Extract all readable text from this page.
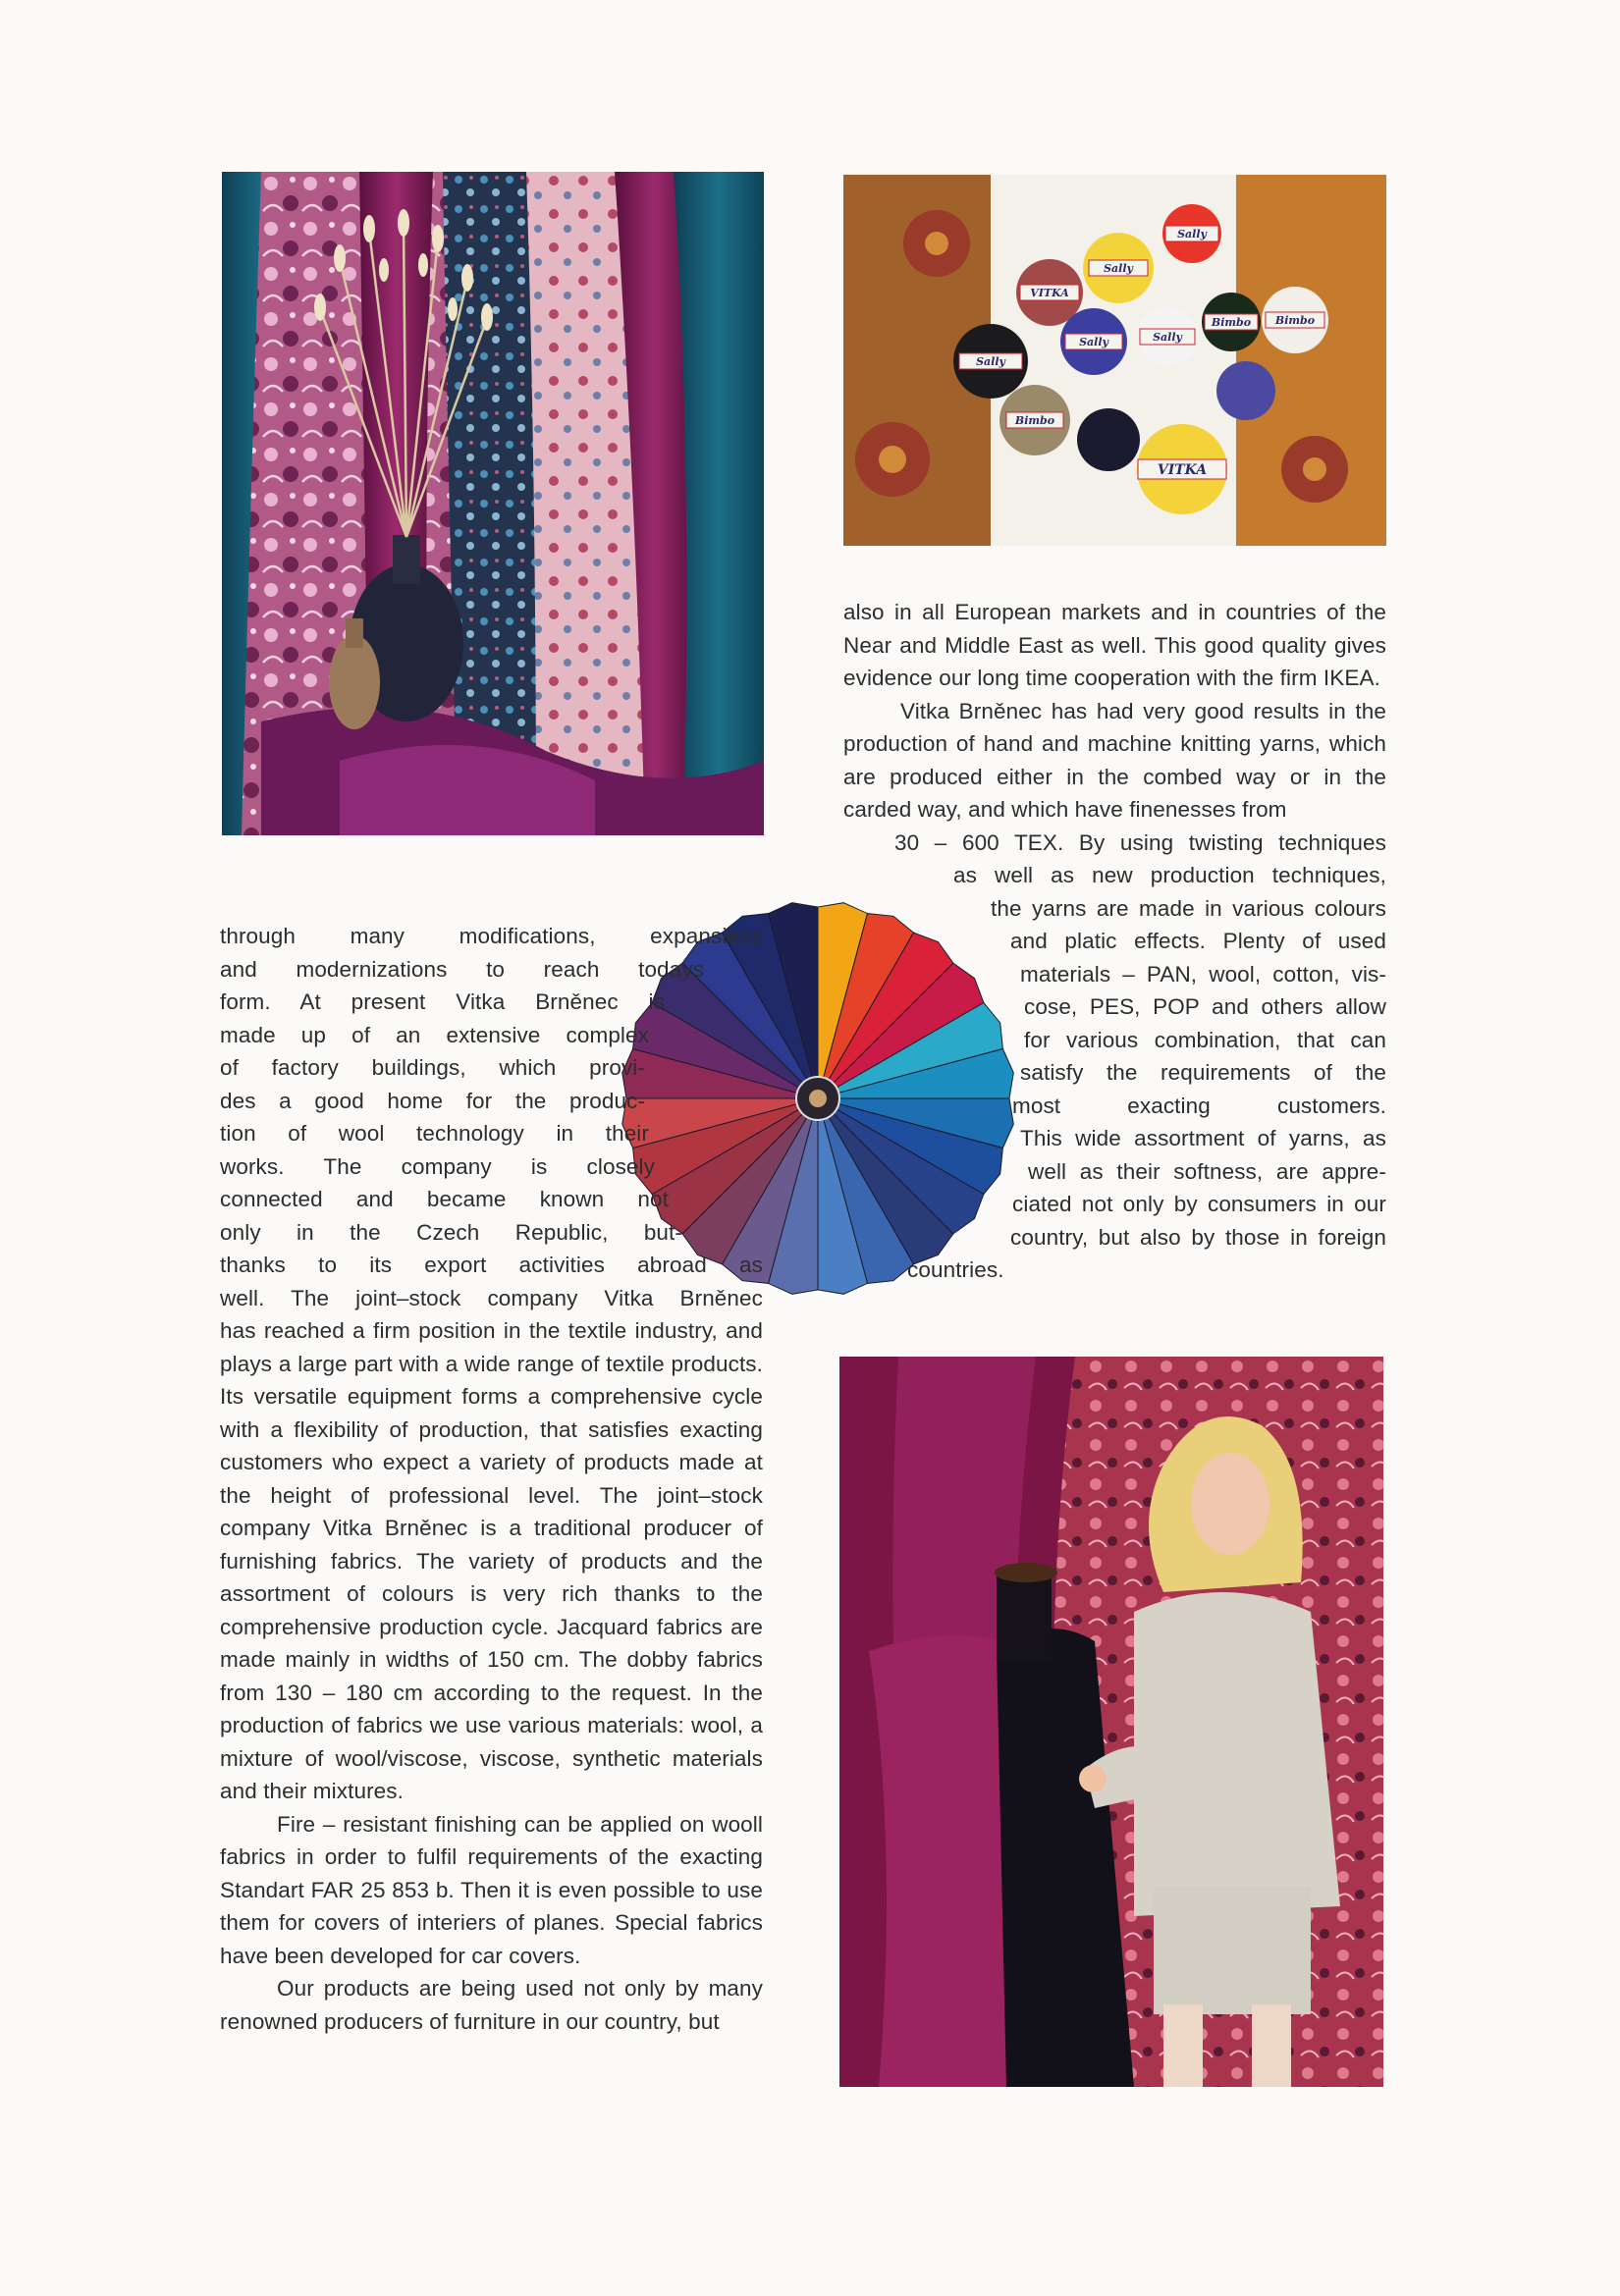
VITKA
Sally
Sally
Sally
Sally	Sally
Bimbo Bimbo
Bimbo
VITKA
through many modifications, expansiens
and modernizations to reach todays
form. At present Vitka Brněnec is
made up of an extensive complex
of factory buildings, which provi-
des a good home for the produc-
tion of wool technology in their
works. The company is closely
connected and became known not
only in the Czech Republic, but-
thanks to its export activities abroad as
well. The joint–stock company Vitka Brněnec

has reached a firm position in the textile industry, and plays a large part with a wide range of textile products. Its versatile equipment forms a comprehensive cycle with a flexibility of production, that satisfies exacting customers who expect a variety of products made at the height of professional level. The joint–stock company Vitka Brněnec is a traditional producer of furnishing fabrics. The variety of products and the assortment of colours is very rich thanks to the comprehensive production cycle. Jacquard fabrics are made mainly in widths of 150 cm. The dobby fabrics from 130 – 180 cm according to the request. In the production of fabrics we use various materials: wool, a mixture of wool/viscose, viscose, synthetic materials and their mixtures.

Fire – resistant finishing can be applied on wooll fabrics in order to fulfil requirements of the exacting Standart FAR 25 853 b. Then it is even possible to use them for covers of interiers of planes. Special fabrics have been developed for car covers.

Our products are being used not only by many renowned producers of furniture in our country, but

also in all European markets and in countries of the Near and Middle East as well. This good quality gives evidence our long time cooperation with the firm IKEA.

Vitka Brněnec has had very good results in the production of hand and machine knitting yarns, which are produced either in the combed way or in the carded way, and which have finenesses from

30 – 600 TEX. By using twisting techniques
as well as new production techniques,
the yarns are made in various colours
and platic effects. Plenty of used
materials – PAN, wool, cotton, vis-
cose, PES, POP and others allow
for various combination, that can
satisfy the requirements of the
most exacting customers.
This wide assortment of yarns, as
well as their softness, are appre-
ciated not only by consumers in our
country, but also by those in foreign
countries.
